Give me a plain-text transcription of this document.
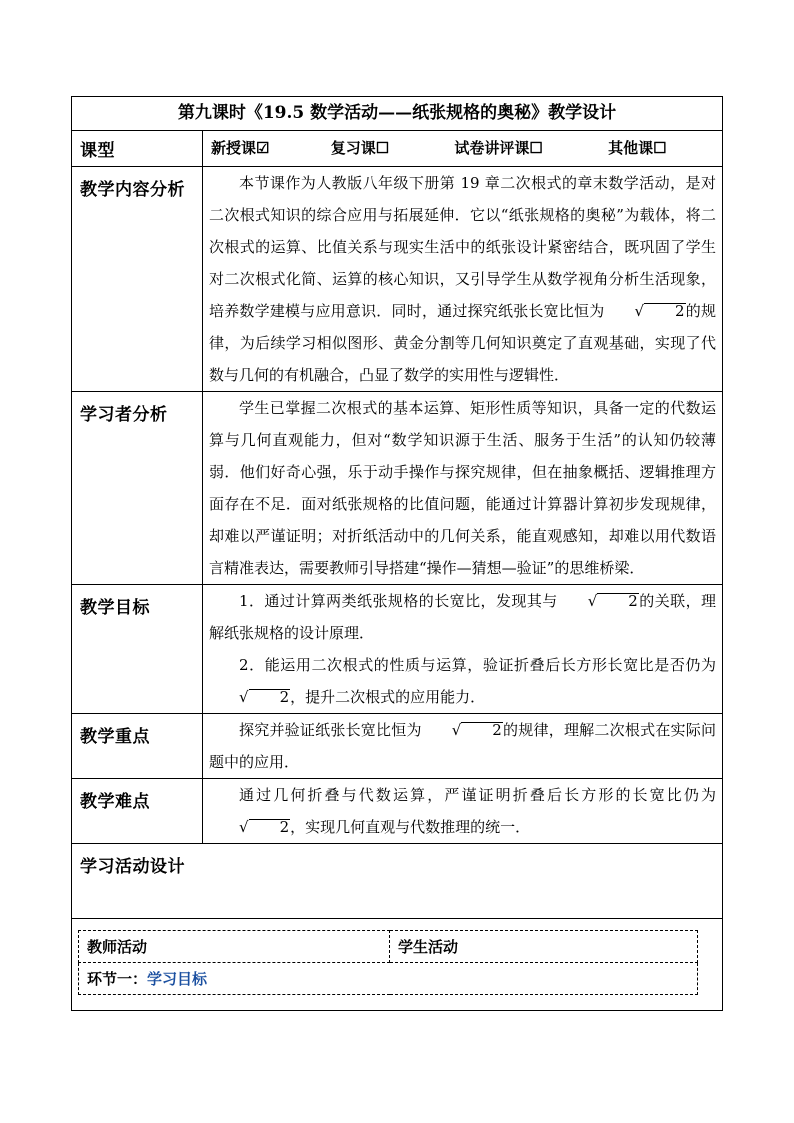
第九课时《19.5 数学活动——纸张规格的奥秘》教学设计	
课型	新授课☑ 复习课☐ 试卷讲评课☐ 其他课☐
教学内容分析	本节课作为人教版八年级下册第 19 章二次根式的章末数学活动，是对二次根式知识的综合应用与拓展延伸．它以“纸张规格的奥秘”为载体，将二次根式的运算、比值关系与现实生活中的纸张设计紧密结合，既巩固了学生对二次根式化简、运算的核心知识，又引导学生从数学视角分析生活现象，培养数学建模与应用意识．同时，通过探究纸张长宽比恒为 √ 2的规律，为后续学习相似图形、黄金分割等几何知识奠定了直观基础，实现了代数与几何的有机融合，凸显了数学的实用性与逻辑性．
学习者分析	学生已掌握二次根式的基本运算、矩形性质等知识，具备一定的代数运算与几何直观能力，但对“数学知识源于生活、服务于生活”的认知仍较薄弱．他们好奇心强，乐于动手操作与探究规律，但在抽象概括、逻辑推理方面存在不足．面对纸张规格的比值问题，能通过计算器计算初步发现规律，却难以严谨证明；对折纸活动中的几何关系，能直观感知，却难以用代数语言精准表达，需要教师引导搭建“操作—猜想—验证”的思维桥梁．
教学目标	1．通过计算两类纸张规格的长宽比，发现其与 √ 2的关联，理解纸张规格的设计原理．
2．能运用二次根式的性质与运算，验证折叠后长方形长宽比是否仍为√ 2，提升二次根式的应用能力．

教学重点	探究并验证纸张长宽比恒为 √ 2的规律，理解二次根式在实际问题中的应用．
教学难点	通过几何折叠与代数运算，严谨证明折叠后长方形的长宽比仍为√ 2，实现几何直观与代数推理的统一．
学习活动设计	

教师活动	学生活动
环节一：学习目标
